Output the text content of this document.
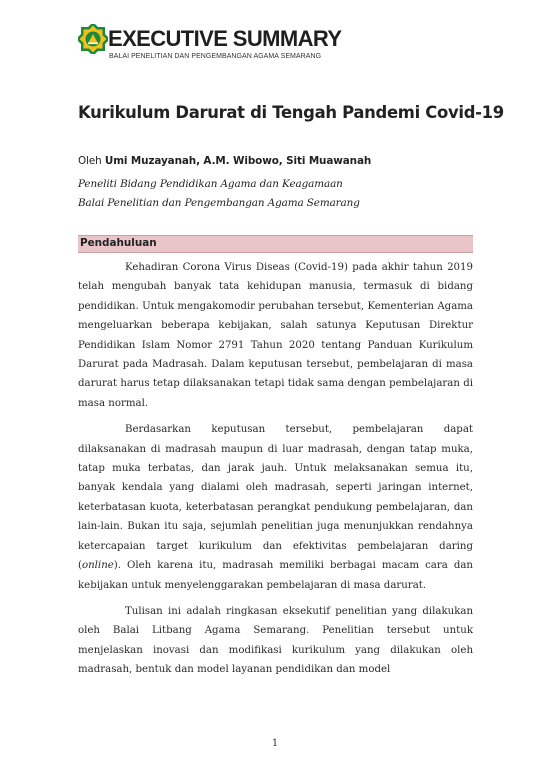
EXECUTIVE SUMMARY
BALAI PENELITIAN DAN PENGEMBANGAN AGAMA SEMARANG
Kurikulum Darurat di Tengah Pandemi Covid-19
Oleh Umi Muzayanah, A.M. Wibowo, Siti Muawanah
Peneliti Bidang Pendidikan Agama dan Keagamaan
Balai Penelitian dan Pengembangan Agama Semarang
Pendahuluan

Kehadiran Corona Virus Diseas (Covid-19) pada akhir tahun 2019 telah mengubah banyak tata kehidupan manusia, termasuk di bidang pendidikan. Untuk mengakomodir perubahan tersebut, Kementerian Agama mengeluarkan beberapa kebijakan, salah satunya Keputusan Direktur Pendidikan Islam Nomor 2791 Tahun 2020 tentang Panduan Kurikulum Darurat pada Madrasah. Dalam keputusan tersebut, pembelajaran di masa darurat harus tetap dilaksanakan tetapi tidak sama dengan pembelajaran di masa normal.

Berdasarkan keputusan tersebut, pembelajaran dapat dilaksanakan di madrasah maupun di luar madrasah, dengan tatap muka, tatap muka terbatas, dan jarak jauh. Untuk melaksanakan semua itu, banyak kendala yang dialami oleh madrasah, seperti jaringan internet, keterbatasan kuota, keterbatasan perangkat pendukung pembelajaran, dan lain-lain. Bukan itu saja, sejumlah penelitian juga menunjukkan rendahnya ketercapaian target kurikulum dan efektivitas pembelajaran daring (online). Oleh karena itu, madrasah memiliki berbagai macam cara dan kebijakan untuk menyelenggarakan pembelajaran di masa darurat.

Tulisan ini adalah ringkasan eksekutif penelitian yang dilakukan oleh Balai Litbang Agama Semarang. Penelitian tersebut untuk menjelaskan inovasi dan modifikasi kurikulum yang dilakukan oleh madrasah, bentuk dan model layanan pendidikan dan model

1
